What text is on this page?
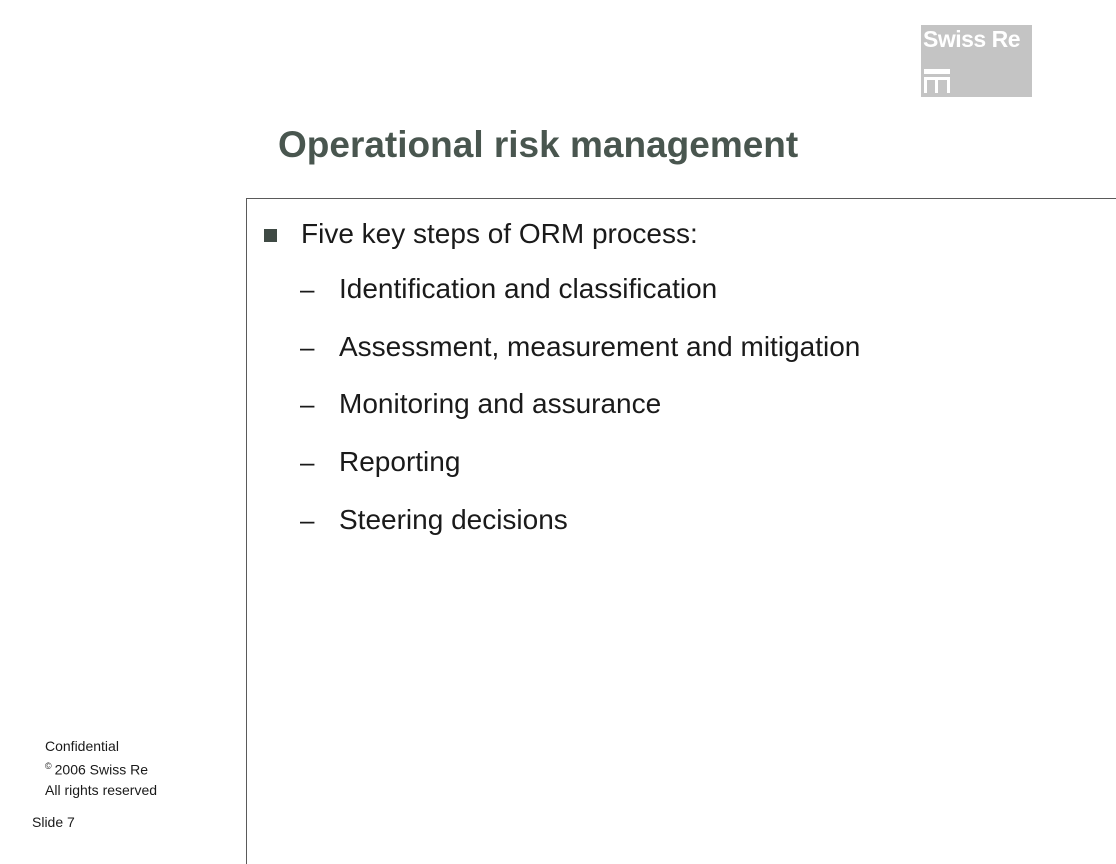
Swiss Re
Operational risk management
Five key steps of ORM process:
– Identification and classification
– Assessment, measurement and mitigation
– Monitoring and assurance
– Reporting
– Steering decisions
Confidential
© 2006 Swiss Re
All rights reserved
Slide 7
